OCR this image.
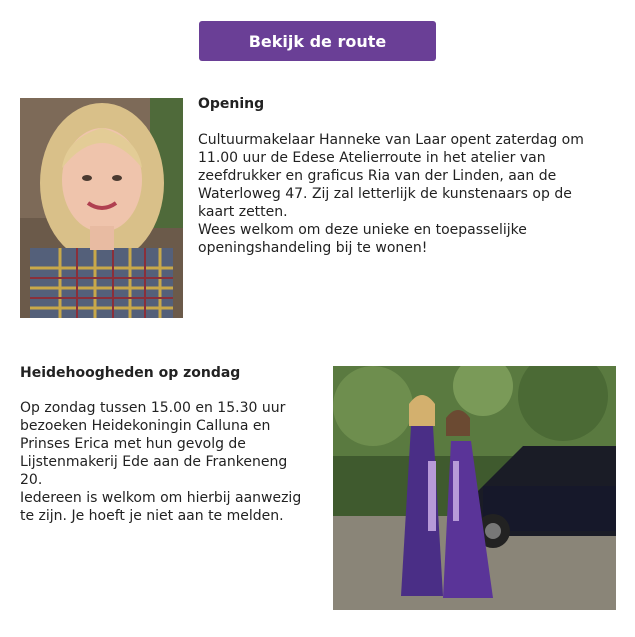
Bekijk de route
Opening

Cultuurmakelaar Hanneke van Laar opent zaterdag om 11.00 uur de Edese Atelierroute in het atelier van zeefdrukker en graficus Ria van der Linden, aan de Waterloweg 47. Zij zal letterlijk de kunstenaars op de kaart zetten.

Wees welkom om deze unieke en toepasselijke openingshandeling bij te wonen!

Heidehoogheden op zondag

Op zondag tussen 15.00 en 15.30 uur bezoeken Heidekoningin Calluna en Prinses Erica met hun gevolg de Lijstenmakerij Ede aan de Frankeneng 20.

Iedereen is welkom om hierbij aanwezig te zijn. Je hoeft je niet aan te melden.
